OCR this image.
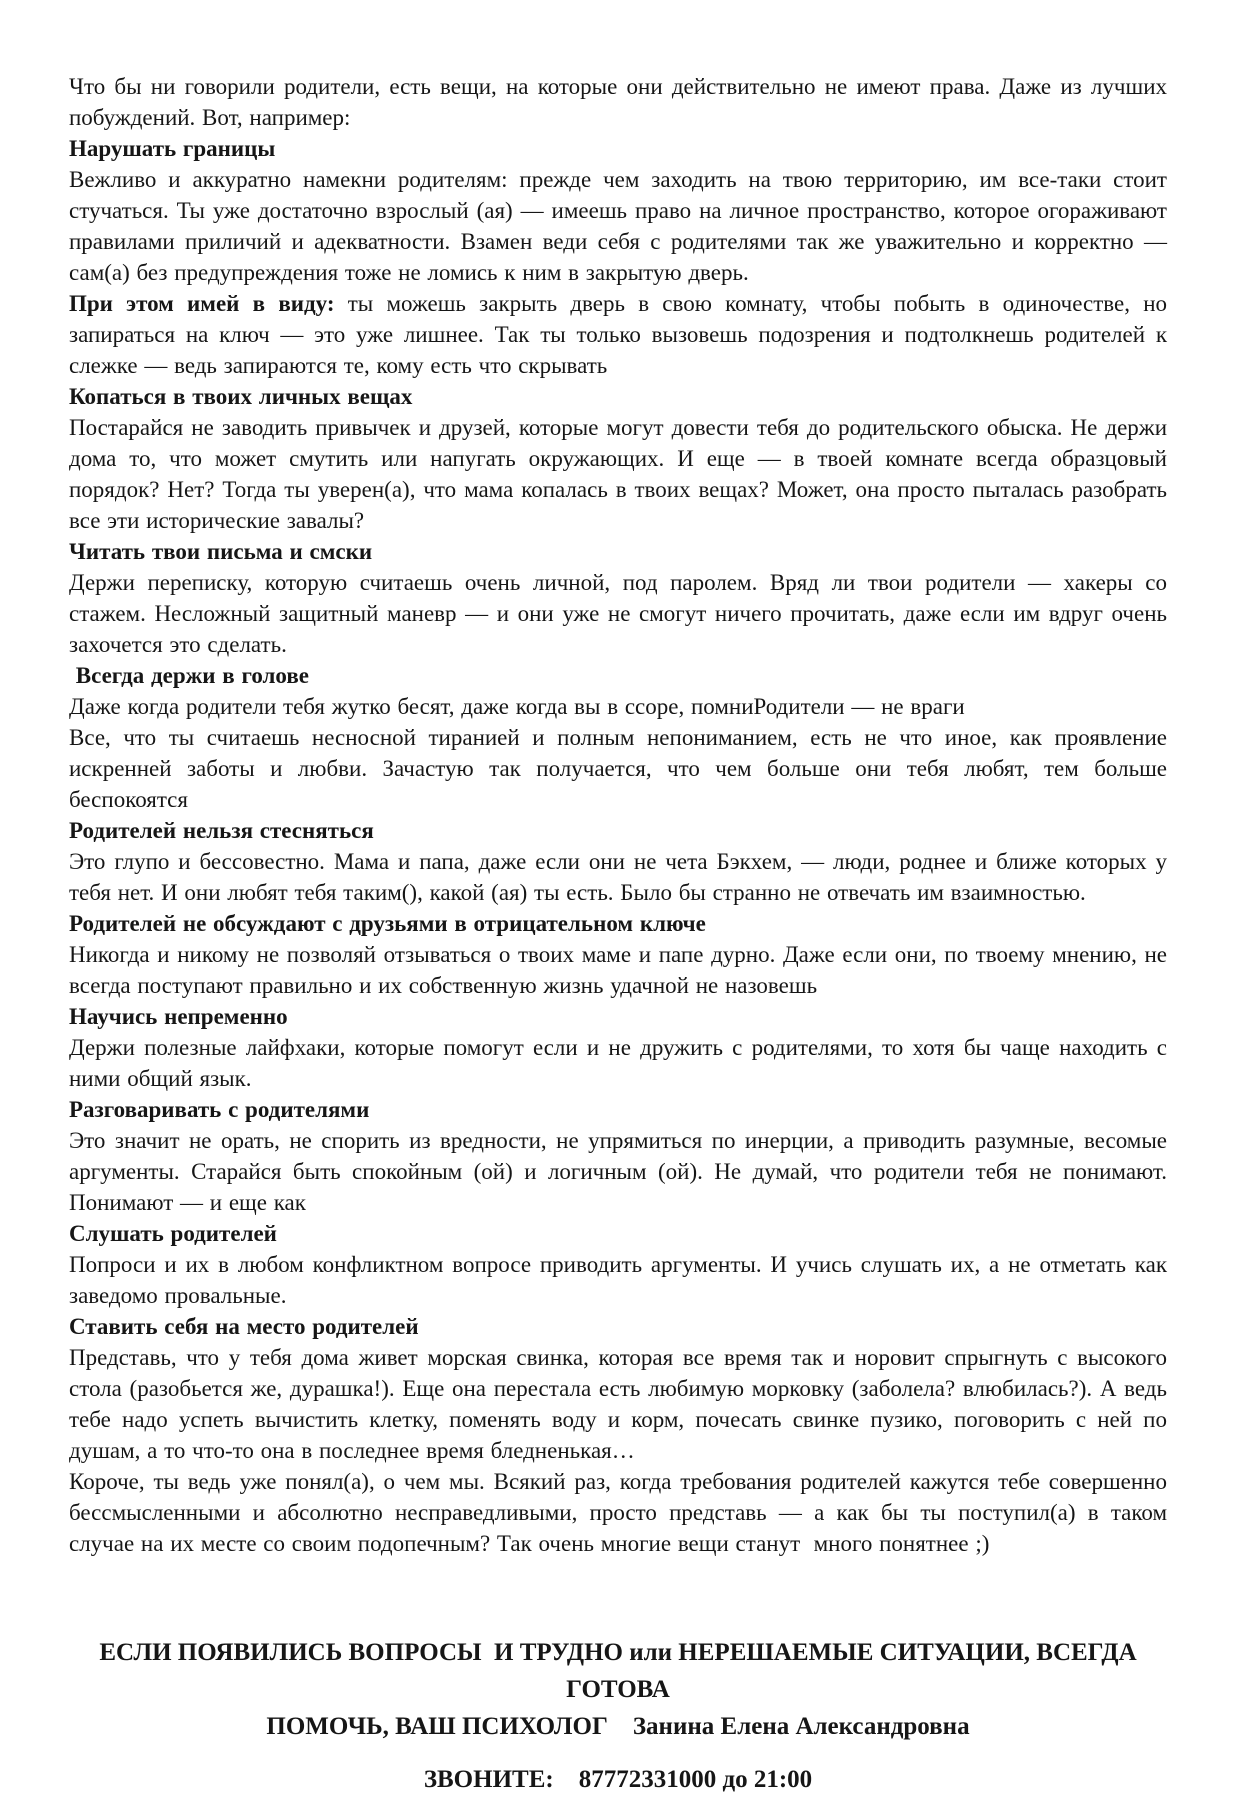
Что бы ни говорили родители, есть вещи, на которые они действительно не имеют права. Даже из лучших побуждений. Вот, например:

Нарушать границы

Вежливо и аккуратно намекни родителям: прежде чем заходить на твою территорию, им все-таки стоит стучаться. Ты уже достаточно взрослый (ая) — имеешь право на личное пространство, которое огораживают правилами приличий и адекватности. Взамен веди себя с родителями так же уважительно и корректно — сам(а) без предупреждения тоже не ломись к ним в закрытую дверь.

При этом имей в виду: ты можешь закрыть дверь в свою комнату, чтобы побыть в одиночестве, но запираться на ключ — это уже лишнее. Так ты только вызовешь подозрения и подтолкнешь родителей к слежке — ведь запираются те, кому есть что скрывать

Копаться в твоих личных вещах

Постарайся не заводить привычек и друзей, которые могут довести тебя до родительского обыска. Не держи дома то, что может смутить или напугать окружающих. И еще — в твоей комнате всегда образцовый порядок? Нет? Тогда ты уверен(а), что мама копалась в твоих вещах? Может, она просто пыталась разобрать все эти исторические завалы?

Читать твои письма и смски

Держи переписку, которую считаешь очень личной, под паролем. Вряд ли твои родители — хакеры со стажем. Несложный защитный маневр — и они уже не смогут ничего прочитать, даже если им вдруг очень захочется это сделать.

Всегда держи в голове

Даже когда родители тебя жутко бесят, даже когда вы в ссоре, помниРодители — не враги

Все, что ты считаешь несносной тиранией и полным непониманием, есть не что иное, как проявление искренней заботы и любви. Зачастую так получается, что чем больше они тебя любят, тем больше беспокоятся

Родителей нельзя стесняться

Это глупо и бессовестно. Мама и папа, даже если они не чета Бэкхем, — люди, роднее и ближе которых у тебя нет. И они любят тебя таким(), какой (ая) ты есть. Было бы странно не отвечать им взаимностью.

Родителей не обсуждают с друзьями в отрицательном ключе

Никогда и никому не позволяй отзываться о твоих маме и папе дурно. Даже если они, по твоему мнению, не всегда поступают правильно и их собственную жизнь удачной не назовешь

Научись непременно

Держи полезные лайфхаки, которые помогут если и не дружить с родителями, то хотя бы чаще находить с ними общий язык.

Разговаривать с родителями

Это значит не орать, не спорить из вредности, не упрямиться по инерции, а приводить разумные, весомые аргументы. Старайся быть спокойным (ой) и логичным (ой). Не думай, что родители тебя не понимают. Понимают — и еще как

Слушать родителей

Попроси и их в любом конфликтном вопросе приводить аргументы. И учись слушать их, а не отметать как заведомо провальные.

Ставить себя на место родителей

Представь, что у тебя дома живет морская свинка, которая все время так и норовит спрыгнуть с высокого стола (разобьется же, дурашка!). Еще она перестала есть любимую морковку (заболела? влюбилась?). А ведь тебе надо успеть вычистить клетку, поменять воду и корм, почесать свинке пузико, поговорить с ней по душам, а то что-то она в последнее время бледненькая…

Короче, ты ведь уже понял(а), о чем мы. Всякий раз, когда требования родителей кажутся тебе совершенно бессмысленными и абсолютно несправедливыми, просто представь — а как бы ты поступил(а) в таком случае на их месте со своим подопечным? Так очень многие вещи станут  много понятнее ;)

ЕСЛИ ПОЯВИЛИСЬ ВОПРОСЫ  И ТРУДНО или НЕРЕШАЕМЫЕ СИТУАЦИИ, ВСЕГДА ГОТОВА

ПОМОЧЬ, ВАШ ПСИХОЛОГ    Занина Елена Александровна

ЗВОНИТЕ:    87772331000 до 21:00
